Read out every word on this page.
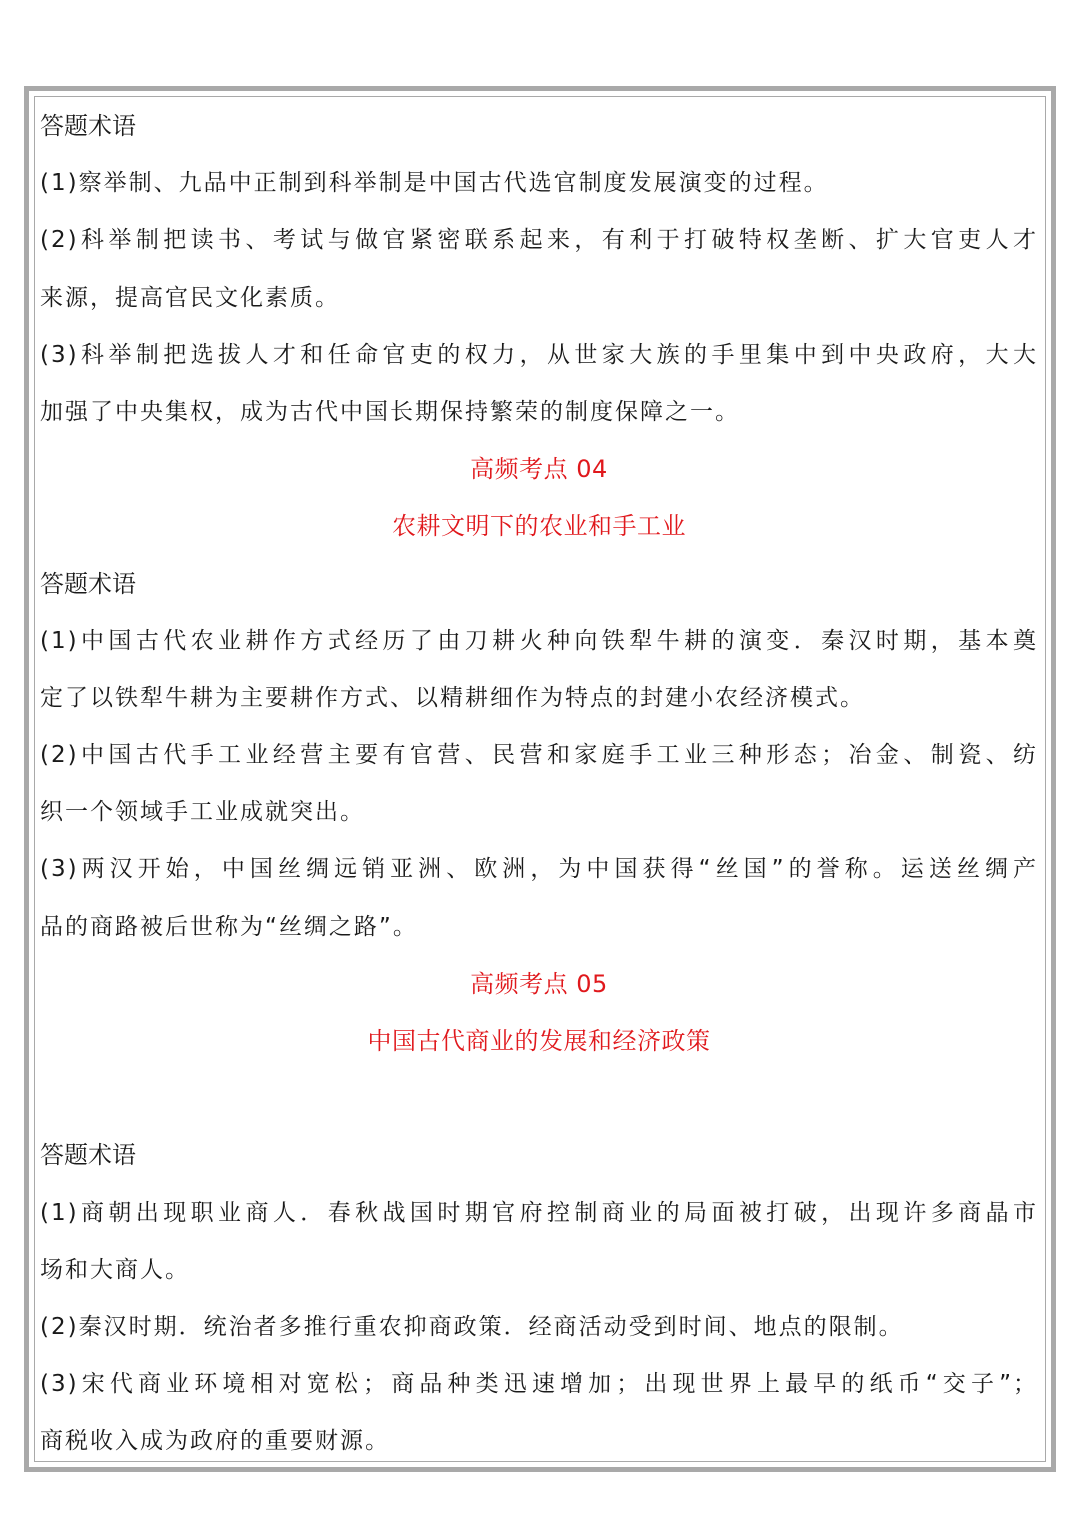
答题术语
(1)察举制、九品中正制到科举制是中国古代选官制度发展演变的过程。
(2)科举制把读书、考试与做官紧密联系起来，有利于打破特权垄断、扩大官吏人才
来源，提高官民文化素质。
(3)科举制把选拔人才和任命官吏的权力，从世家大族的手里集中到中央政府，大大
加强了中央集权，成为古代中国长期保持繁荣的制度保障之一。
高频考点 04
农耕文明下的农业和手工业
答题术语
(1)中国古代农业耕作方式经历了由刀耕火种向铁犁牛耕的演变．秦汉时期，基本奠
定了以铁犁牛耕为主要耕作方式、以精耕细作为特点的封建小农经济模式。
(2)中国古代手工业经营主要有官营、民营和家庭手工业三种形态；冶金、制瓷、纺
织一个领域手工业成就突出。
(3)两汉开始，中国丝绸远销亚洲、欧洲，为中国获得“丝国”的誉称。运送丝绸产
品的商路被后世称为“丝绸之路”。
高频考点 05
中国古代商业的发展和经济政策
答题术语
(1)商朝出现职业商人．春秋战国时期官府控制商业的局面被打破，出现许多商晶市
场和大商人。
(2)秦汉时期．统治者多推行重农抑商政策．经商活动受到时间、地点的限制。
(3)宋代商业环境相对宽松；商品种类迅速增加；出现世界上最早的纸币“交子”；
商税收入成为政府的重要财源。
